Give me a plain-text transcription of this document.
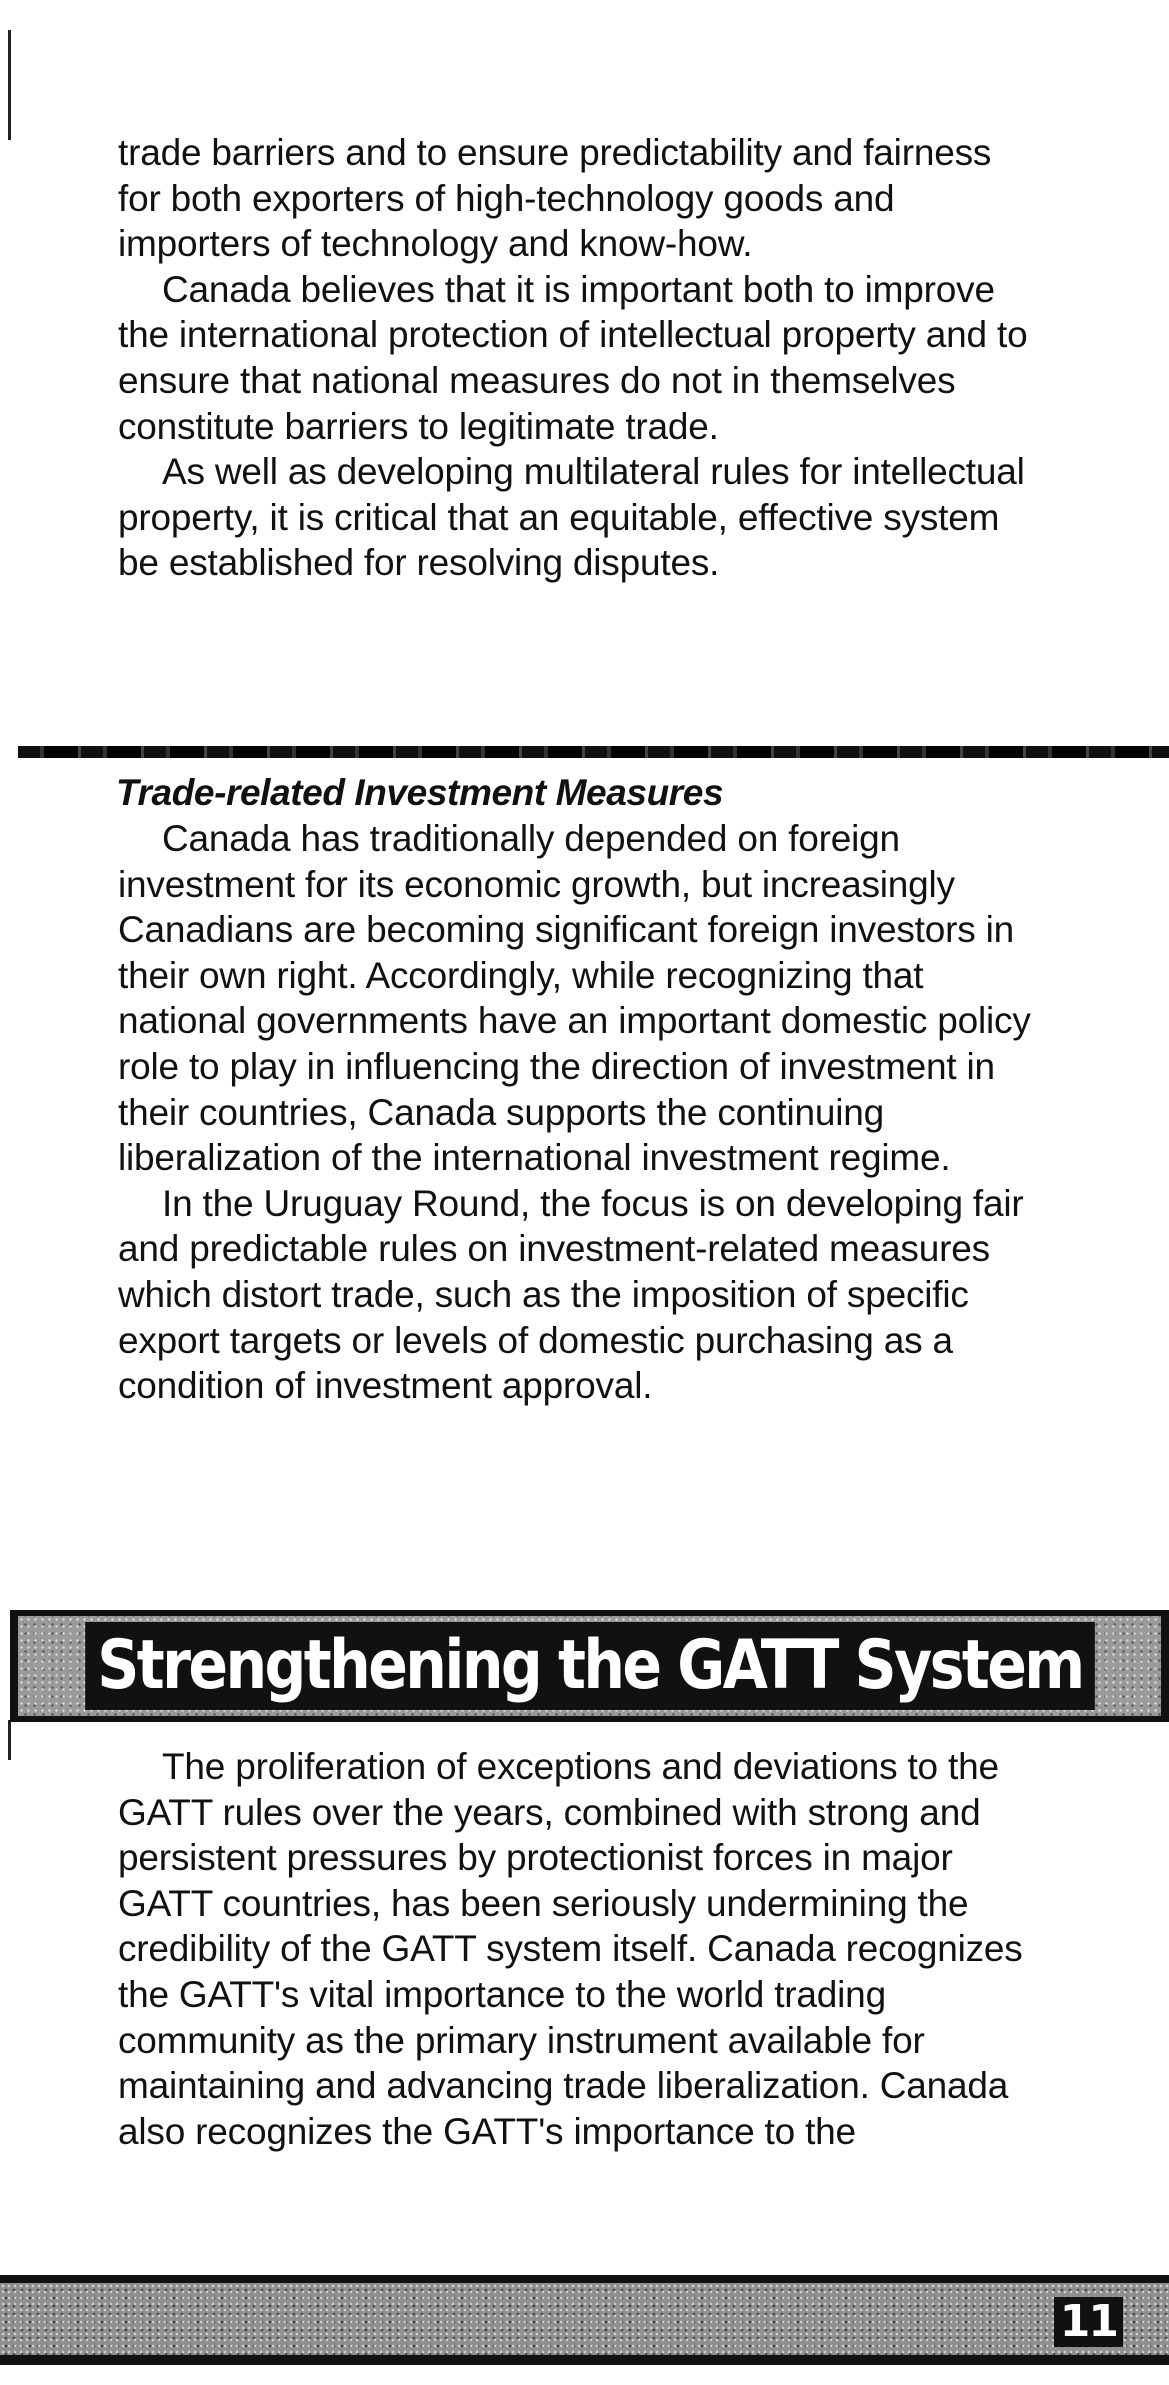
trade barriers and to ensure predictability and fairness for both exporters of high-technology goods and importers of technology and know-how.

Canada believes that it is important both to improve the international protection of intellectual property and to ensure that national measures do not in themselves constitute barriers to legitimate trade.

As well as developing multilateral rules for intellectual property, it is critical that an equitable, effective system be established for resolving disputes.

Trade-related Investment Measures

Canada has traditionally depended on foreign investment for its economic growth, but increasingly Canadians are becoming significant foreign investors in their own right. Accordingly, while recognizing that national governments have an important domestic policy role to play in influencing the direction of investment in their countries, Canada supports the continuing liberalization of the international investment regime.

In the Uruguay Round, the focus is on developing fair and predictable rules on investment-related measures which distort trade, such as the imposition of specific export targets or levels of domestic purchasing as a condition of investment approval.

Strengthening the GATT System

The proliferation of exceptions and deviations to the GATT rules over the years, combined with strong and persistent pressures by protectionist forces in major GATT countries, has been seriously undermining the credibility of the GATT system itself. Canada recognizes the GATT's vital importance to the world trading community as the primary instrument available for maintaining and advancing trade liberalization. Canada also recognizes the GATT's importance to the

11
